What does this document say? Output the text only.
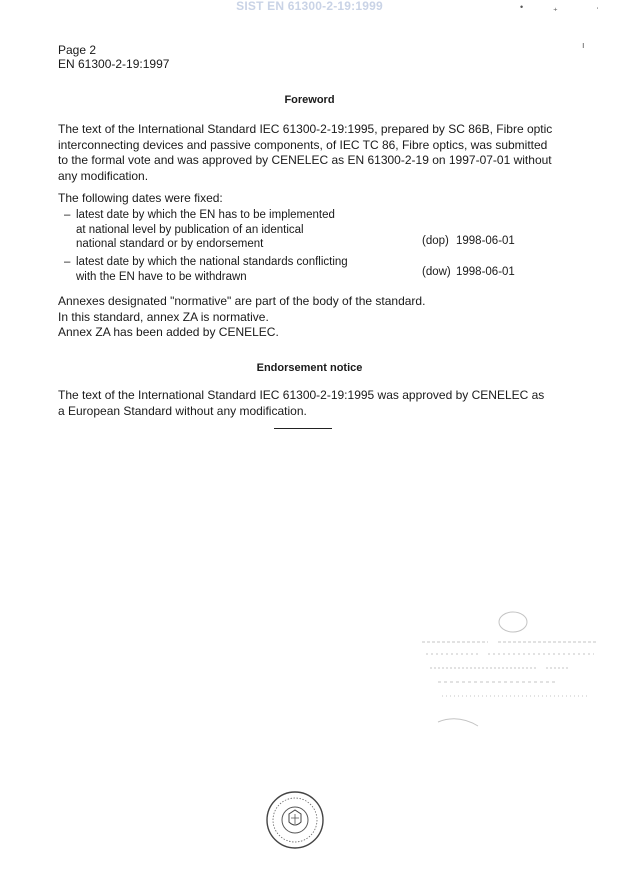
SIST EN 61300-2-19:1999	•	⁺	ʿ
ı
Page 2
EN 61300-2-19:1997
Foreword
The text of the International Standard IEC 61300-2-19:1995, prepared by SC 86B, Fibre optic
interconnecting devices and passive components, of IEC TC 86, Fibre optics, was submitted
to the formal vote and was approved by CENELEC as EN 61300-2-19 on 1997-07-01 without
any modification.
The following dates were fixed:
– latest date by which the EN has to be implemented
at national level by publication of an identical
national standard or by endorsement	(dop) 1998-06-01
– latest date by which the national standards conflicting
with the EN have to be withdrawn	(dow) 1998-06-01
Annexes designated "normative" are part of the body of the standard.
In this standard, annex ZA is normative.
Annex ZA has been added by CENELEC.
Endorsement notice
The text of the International Standard IEC 61300-2-19:1995 was approved by CENELEC as
a European Standard without any modification.
